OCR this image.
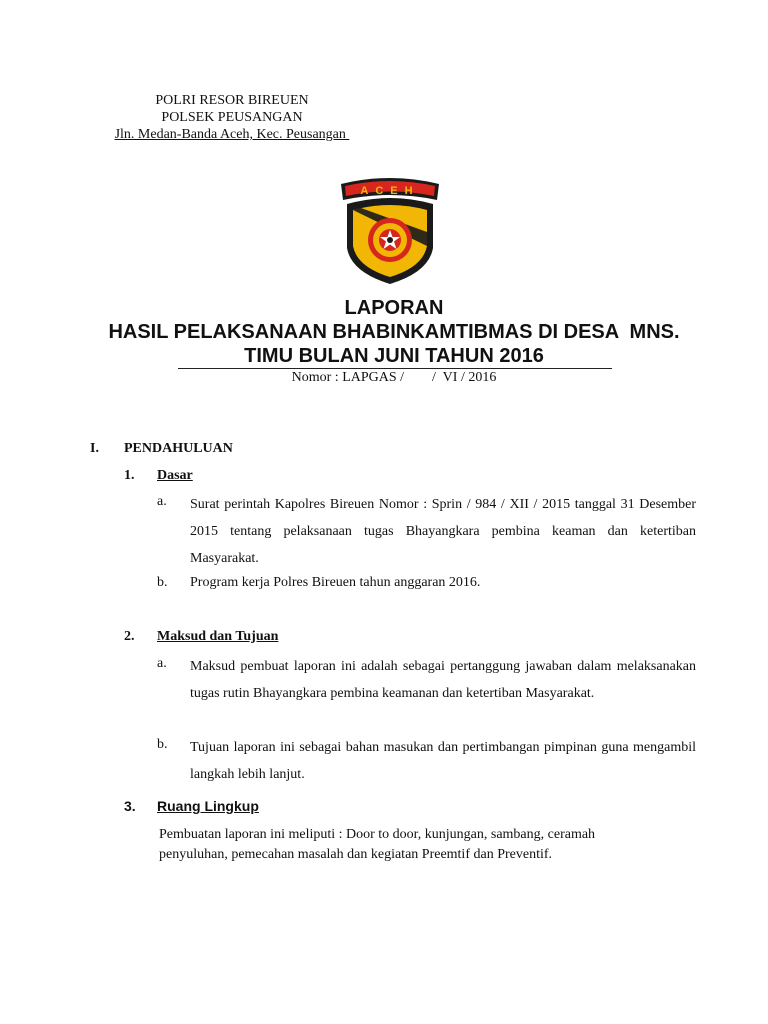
POLRI RESOR BIREUEN
POLSEK PEUSANGAN
Jln. Medan-Banda Aceh, Kec. Peusangan
ACEH
LAPORAN
HASIL PELAKSANAAN BHABINKAMTIBMAS DI DESA  MNS.
TIMU BULAN JUNI TAHUN 2016
Nomor : LAPGAS /        /  VI / 2016
I. PENDAHULUAN
1. Dasar
a. Surat perintah Kapolres Bireuen Nomor : Sprin / 984 / XII / 2015 tanggal 31 Desember 2015 tentang pelaksanaan tugas Bhayangkara pembina keaman dan ketertiban Masyarakat.
b. Program kerja Polres Bireuen tahun anggaran 2016.
2. Maksud dan Tujuan
a. Maksud pembuat laporan ini adalah sebagai pertanggung jawaban dalam melaksanakan tugas rutin Bhayangkara pembina keamanan dan ketertiban Masyarakat.
b. Tujuan laporan ini sebagai bahan masukan dan pertimbangan pimpinan guna mengambil langkah lebih lanjut.
3. Ruang Lingkup
Pembuatan laporan ini meliputi : Door to door, kunjungan, sambang, ceramah penyuluhan, pemecahan masalah dan kegiatan Preemtif dan Preventif.
